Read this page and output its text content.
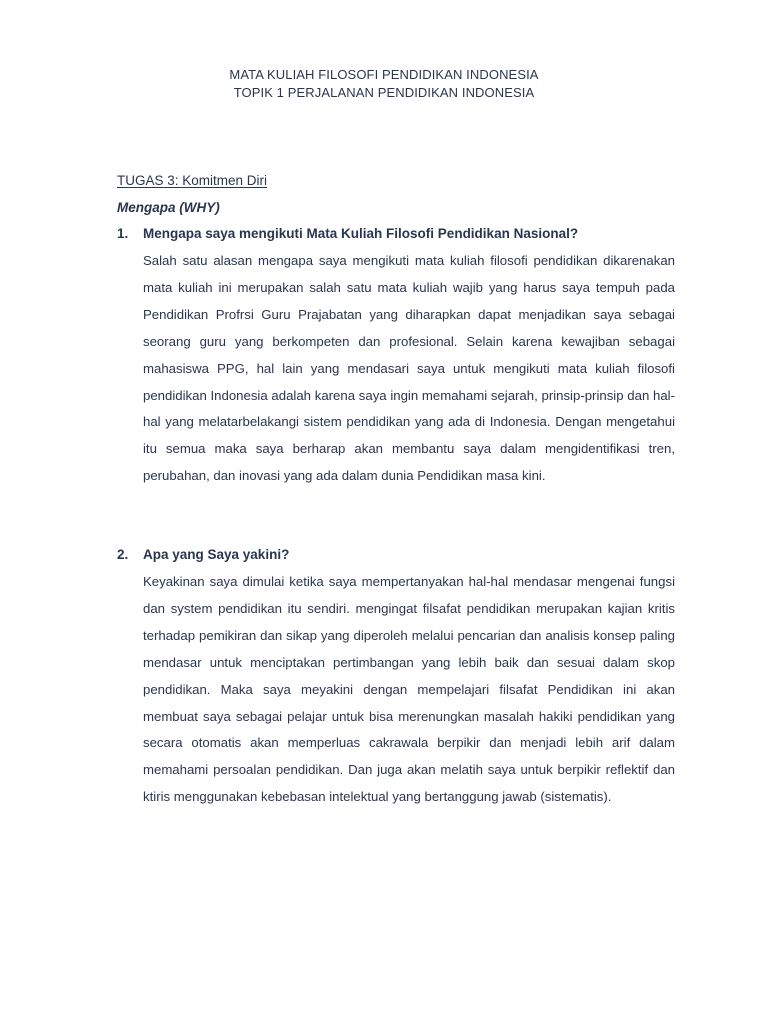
MATA KULIAH FILOSOFI PENDIDIKAN INDONESIA
TOPIK 1 PERJALANAN PENDIDIKAN INDONESIA
TUGAS 3: Komitmen Diri
Mengapa (WHY)
1. Mengapa saya mengikuti Mata Kuliah Filosofi Pendidikan Nasional?
Salah satu alasan mengapa saya mengikuti mata kuliah filosofi pendidikan dikarenakan mata kuliah ini merupakan salah satu mata kuliah wajib yang harus saya tempuh pada Pendidikan Profrsi Guru Prajabatan yang diharapkan dapat menjadikan saya sebagai seorang guru yang berkompeten dan profesional. Selain karena kewajiban sebagai mahasiswa PPG, hal lain yang mendasari saya untuk mengikuti mata kuliah filosofi pendidikan Indonesia adalah karena saya ingin memahami sejarah, prinsip-prinsip dan hal-hal yang melatarbelakangi sistem pendidikan yang ada di Indonesia. Dengan mengetahui itu semua maka saya berharap akan membantu saya dalam mengidentifikasi tren, perubahan, dan inovasi yang ada dalam dunia Pendidikan masa kini.
2. Apa yang Saya yakini?
Keyakinan saya dimulai ketika saya mempertanyakan hal-hal mendasar mengenai fungsi dan system pendidikan itu sendiri. mengingat filsafat pendidikan merupakan kajian kritis terhadap pemikiran dan sikap yang diperoleh melalui pencarian dan analisis konsep paling mendasar untuk menciptakan pertimbangan yang lebih baik dan sesuai dalam skop pendidikan. Maka saya meyakini dengan mempelajari filsafat Pendidikan ini akan membuat saya sebagai pelajar untuk bisa merenungkan masalah hakiki pendidikan yang secara otomatis akan memperluas cakrawala berpikir dan menjadi lebih arif dalam memahami persoalan pendidikan. Dan juga akan melatih saya untuk berpikir reflektif dan ktiris menggunakan kebebasan intelektual yang bertanggung jawab (sistematis).
